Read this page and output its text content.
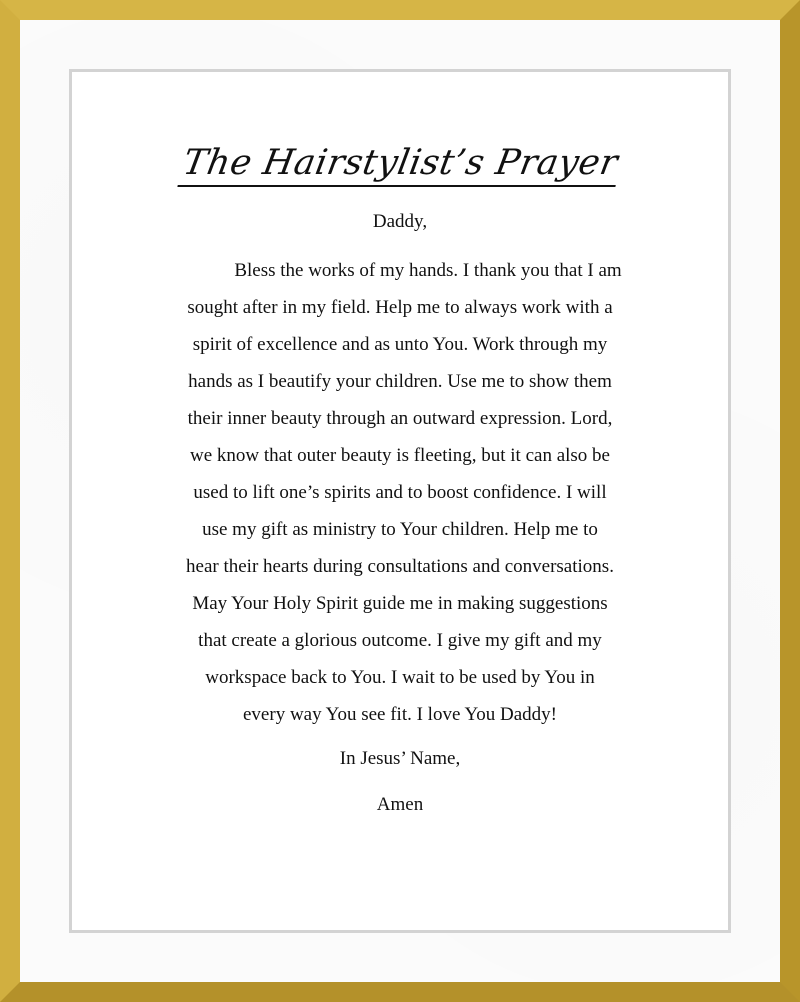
The Hairstylist’s Prayer
Daddy,
Bless the works of my hands. I thank you that I am
sought after in my field. Help me to always work with a
spirit of excellence and as unto You. Work through my
hands as I beautify your children. Use me to show them
their inner beauty through an outward expression. Lord,
we know that outer beauty is fleeting, but it can also be
used to lift one’s spirits and to boost confidence. I will
use my gift as ministry to Your children. Help me to
hear their hearts during consultations and conversations.
May Your Holy Spirit guide me in making suggestions
that create a glorious outcome. I give my gift and my
workspace back to You. I wait to be used by You in
every way You see fit. I love You Daddy!
In Jesus’ Name,
Amen
